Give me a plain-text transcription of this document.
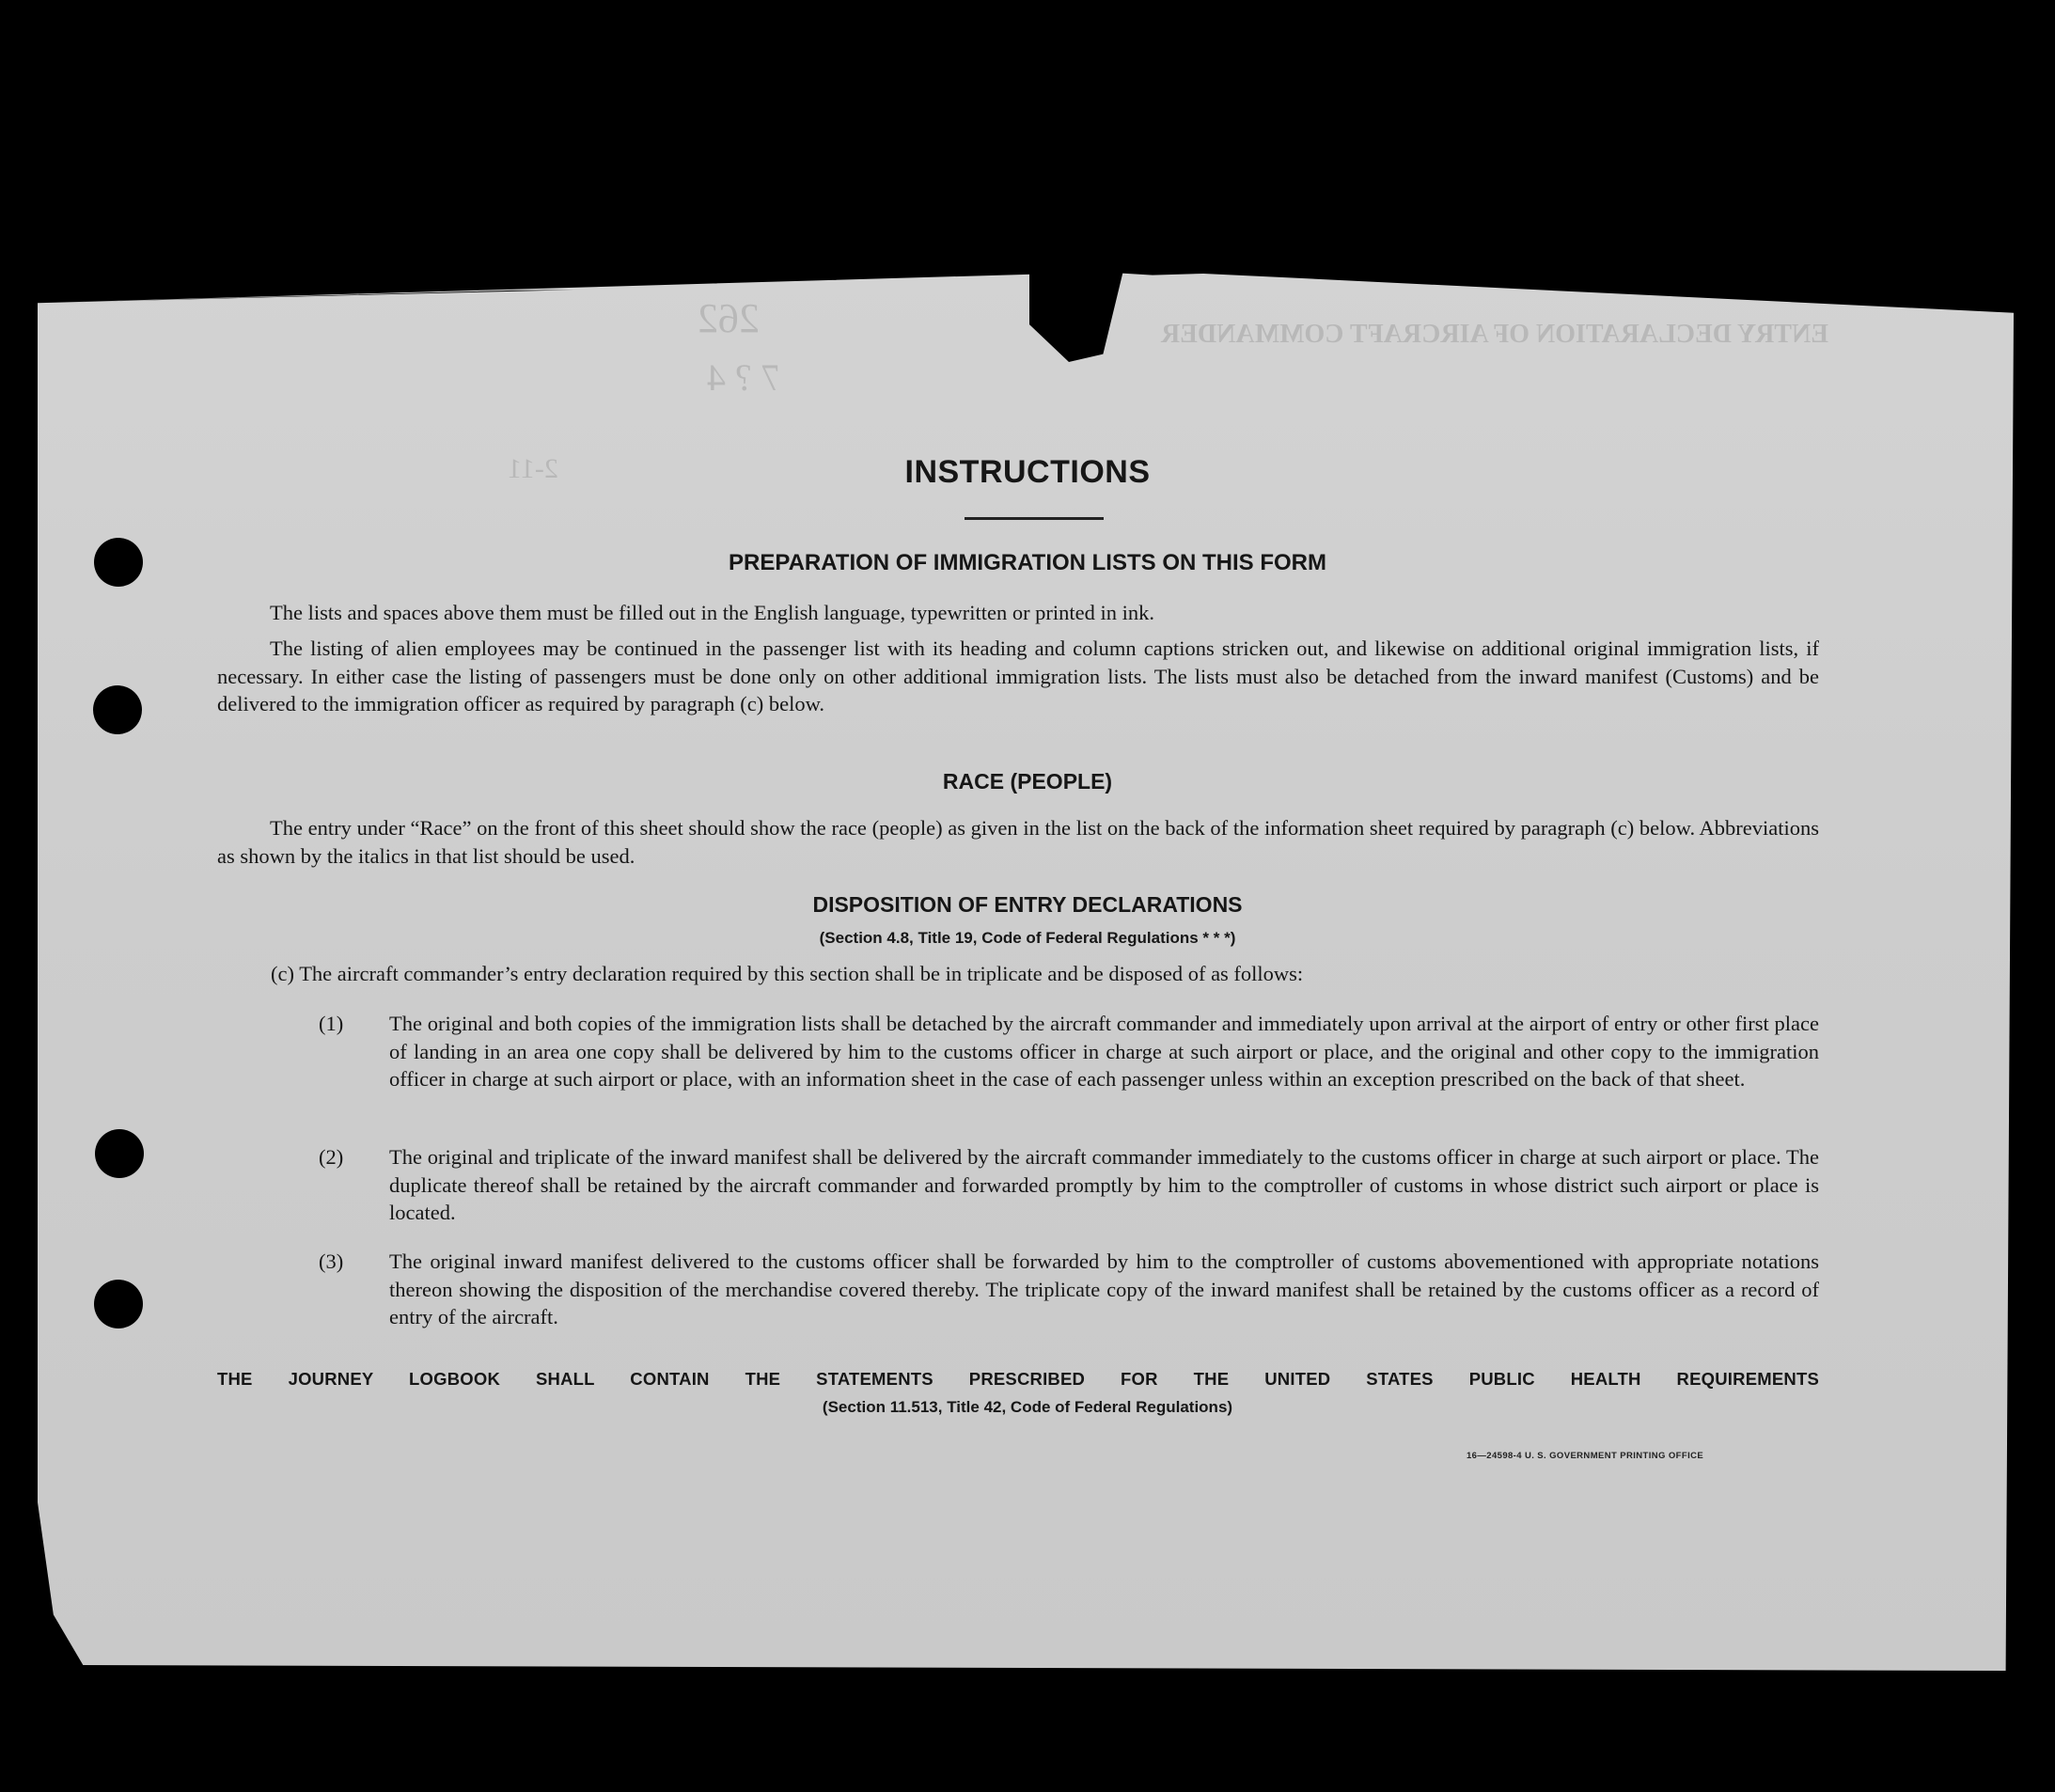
262
7 ? 4
2-11
ENTRY DECLARATION OF AIRCRAFT COMMANDER
INSTRUCTIONS
PREPARATION OF IMMIGRATION LISTS ON THIS FORM
The lists and spaces above them must be filled out in the English language, typewritten or printed in ink.
The listing of alien employees may be continued in the passenger list with its heading and column captions stricken out, and likewise on additional original immigration lists, if necessary. In either case the listing of passengers must be done only on other additional immigration lists. The lists must also be detached from the inward manifest (Customs) and be delivered to the immigration officer as required by paragraph (c) below.
RACE (PEOPLE)
The entry under “Race” on the front of this sheet should show the race (people) as given in the list on the back of the information sheet required by paragraph (c) below. Abbreviations as shown by the italics in that list should be used.
DISPOSITION OF ENTRY DECLARATIONS
(Section 4.8, Title 19, Code of Federal Regulations * * *)
(c) The aircraft commander’s entry declaration required by this section shall be in triplicate and be disposed of as follows:
(1)	The original and both copies of the immigration lists shall be detached by the aircraft commander and immediately upon arrival at the airport of entry or other first place of landing in an area one copy shall be delivered by him to the customs officer in charge at such airport or place, and the original and other copy to the immigration officer in charge at such airport or place, with an information sheet in the case of each passenger unless within an exception prescribed on the back of that sheet.
(2)	The original and triplicate of the inward manifest shall be delivered by the aircraft commander immediately to the customs officer in charge at such airport or place. The duplicate thereof shall be retained by the aircraft commander and forwarded promptly by him to the comptroller of customs in whose district such airport or place is located.
(3)	The original inward manifest delivered to the customs officer shall be forwarded by him to the comptroller of customs abovementioned with appropriate notations thereon showing the disposition of the merchandise covered thereby. The triplicate copy of the inward manifest shall be retained by the customs officer as a record of entry of the aircraft.
THE JOURNEY LOGBOOK SHALL CONTAIN THE STATEMENTS PRESCRIBED FOR THE UNITED STATES PUBLIC HEALTH REQUIREMENTS
(Section 11.513, Title 42, Code of Federal Regulations)
16—24598-4 U. S. GOVERNMENT PRINTING OFFICE
